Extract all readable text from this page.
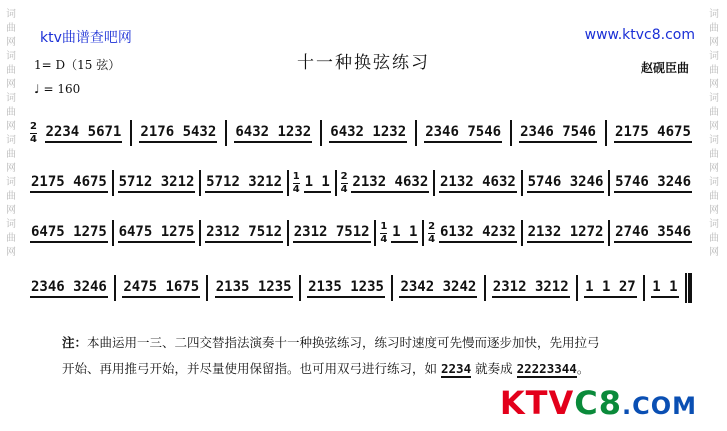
词曲网词曲网词曲网词曲网词曲网词曲网
词曲网词曲网词曲网词曲网词曲网词曲网
ktv曲谱查吧网	www.ktvc8.com
十一种换弦练习
1= D（15 弦）
♩ = 160
赵砚臣曲
2
4 2234 5671 2176 5432 6432 1232 6432 1232 2346 7546 2346 7546 2175 4675
2175 4675 5712 3212 5712 3212 1
4 1 1 2
4 2132 4632 2132 4632 5746 3246 5746 3246
6475 1275 6475 1275 2312 7512 2312 7512 1
4 1 1 2
4 6132 4232 2132 1272 2746 3546
2346 3246 2475 1675 2135 1235 2135 1235 2342 3242 2312 3212 1 1 27 1 1
注：本曲运用一三、二四交替指法演奏十一种换弦练习，练习时速度可先慢而逐步加快，先用拉弓
开始、再用推弓开始，并尽量使用保留指。也可用双弓进行练习，如 2234 就奏成 22223344。
KTVC8.COM
